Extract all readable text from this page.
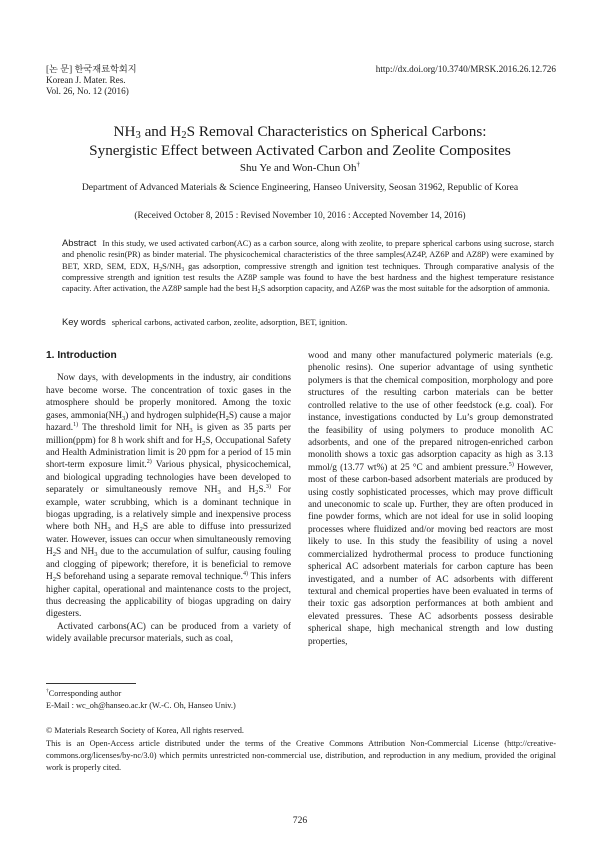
[논 문] 한국재료학회지
Korean J. Mater. Res.
Vol. 26, No. 12 (2016)
http://dx.doi.org/10.3740/MRSK.2016.26.12.726
$NH_3$ and $H_2S$ Removal Characteristics on Spherical Carbons:
Synergistic Effect between Activated Carbon and Zeolite Composites
Shu Ye and Won-Chun Oh†
Department of Advanced Materials & Science Engineering, Hanseo University, Seosan 31962, Republic of Korea
(Received October 8, 2015 : Revised November 10, 2016 : Accepted November 14, 2016)
Abstract In this study, we used activated carbon(AC) as a carbon source, along with zeolite, to prepare spherical carbons using sucrose, starch and phenolic resin(PR) as binder material. The physicochemical characteristics of the three samples(AZ4P, AZ6P and AZ8P) were examined by BET, XRD, SEM, EDX, $H_2S/NH_3$ gas adsorption, compressive strength and ignition test techniques. Through comparative analysis of the compressive strength and ignition test results the AZ8P sample was found to have the best hardness and the highest temperature resistance capacity. After activation, the AZ8P sample had the best $H_2S$ adsorption capacity, and AZ6P was the most suitable for the adsorption of ammonia.
Key words spherical carbons, activated carbon, zeolite, adsorption, BET, ignition.
1. Introduction

Now days, with developments in the industry, air conditions have become worse. The concentration of toxic gases in the atmosphere should be properly monitored. Among the toxic gases, $ammonia(NH_3)$ and hydrogen $sulphide(H_2S)$ cause a major hazard.$^{1)}$ The threshold limit for $NH_3$ is given as 35 parts per million(ppm) for 8 h work shift and for $H_2S$, Occupational Safety and Health Administration limit is 20 ppm for a period of 15 min short-term exposure limit.$^{2)}$ Various physical, physicochemical, and biological upgrading technologies have been developed to separately or simultaneously remove $NH_3$ and $H_2S.^{3)}$ For example, water scrubbing, which is a dominant technique in biogas upgrading, is a relatively simple and inexpensive process where both $NH_3$ and $H_2S$ are able to diffuse into pressurized water. However, issues can occur when simultaneously removing $H_2S$ and $NH_3$ due to the accumulation of sulfur, causing fouling and clogging of pipework; therefore, it is beneficial to remove $H_2S$ beforehand using a separate removal technique.$^{4)}$ This infers higher capital, operational and maintenance costs to the project, thus decreasing the applicability of biogas upgrading on dairy digesters.

Activated carbons(AC) can be produced from a variety of widely available precursor materials, such as coal,

wood and many other manufactured polymeric materials (e.g. phenolic resins). One superior advantage of using synthetic polymers is that the chemical composition, morphology and pore structures of the resulting carbon materials can be better controlled relative to the use of other feedstock (e.g. coal). For instance, investigations conducted by Lu’s group demonstrated the feasibility of using polymers to produce monolith AC adsorbents, and one of the prepared nitrogen-enriched carbon monolith shows a toxic gas adsorption capacity as high as 3.13 mmol/g (13.77 wt%) at 25 °C and ambient pressure.$^{5)}$ However, most of these carbon-based adsorbent materials are produced by using costly sophisticated processes, which may prove difficult and uneconomic to scale up. Further, they are often produced in fine powder forms, which are not ideal for use in solid looping processes where fluidized and/or moving bed reactors are most likely to use. In this study the feasibility of using a novel commercialized hydrothermal process to produce functioning spherical AC adsorbent materials for carbon capture has been investigated, and a number of AC adsorbents with different textural and chemical properties have been evaluated in terms of their toxic gas adsorption performances at both ambient and elevated pressures. These AC adsorbents possess desirable spherical shape, high mechanical strength and low dusting properties,

†Corresponding author
E-Mail : wc_oh@hanseo.ac.kr (W.-C. Oh, Hanseo Univ.)
© Materials Research Society of Korea, All rights reserved.
This is an Open-Access article distributed under the terms of the Creative Commons Attribution Non-Commercial License (http://creative-commons.org/licenses/by-nc/3.0) which permits unrestricted non-commercial use, distribution, and reproduction in any medium, provided the original work is properly cited.
726
